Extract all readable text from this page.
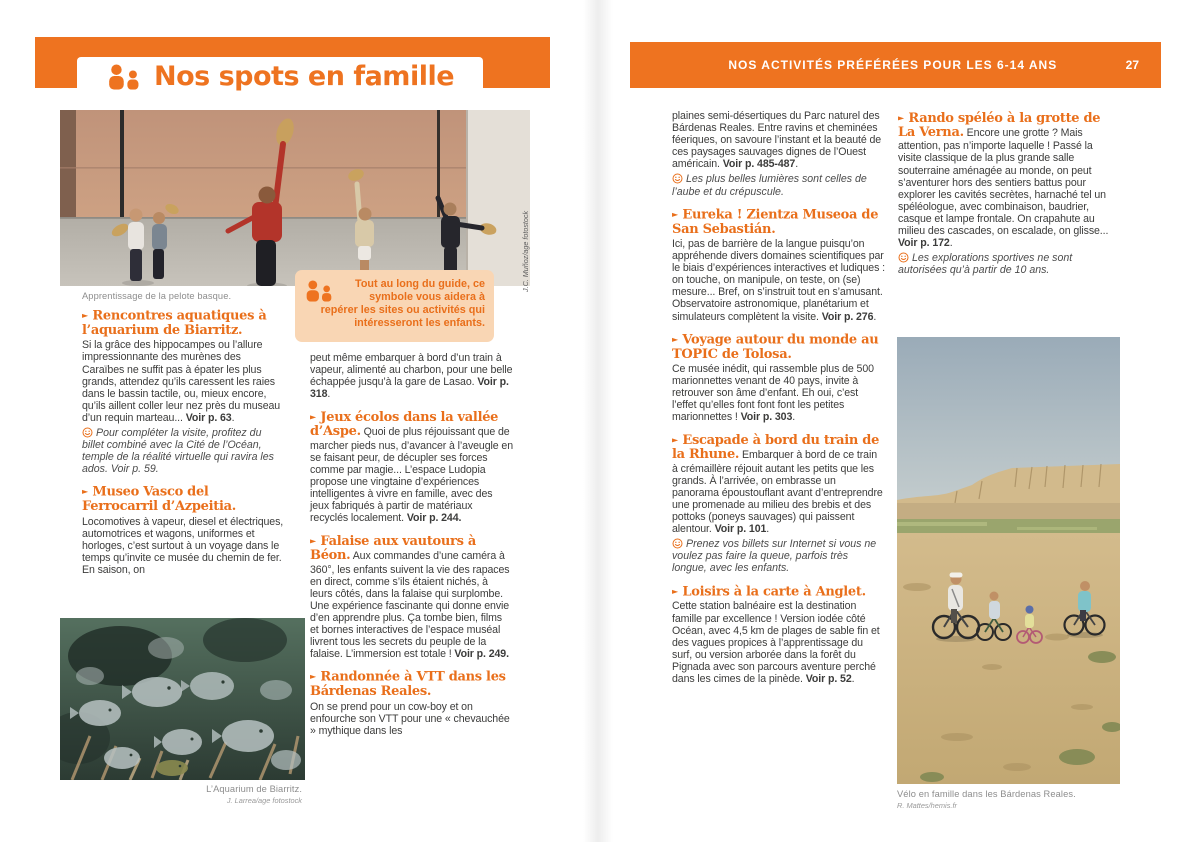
Nos spots en famille
Apprentissage de la pelote basque.
► Rencontres aquatiques à l’aquarium de Biarritz.

Si la grâce des hippocampes ou l’allure impressionnante des murènes des Caraïbes ne suffit pas à épater les plus grands, attendez qu’ils caressent les raies dans le bassin tactile, ou, mieux encore, qu’ils aillent coller leur nez près du museau d’un requin marteau... Voir p. 63.

Pour compléter la visite, profitez du billet combiné avec la Cité de l’Océan, temple de la réalité virtuelle qui ravira les ados. Voir p. 59.

► Museo Vasco del Ferrocarril d’Azpeitia.

Locomotives à vapeur, diesel et électriques, automotrices et wagons, uniformes et horloges, c’est surtout à un voyage dans le temps qu’invite ce musée du chemin de fer. En saison, on

L’Aquarium de Biarritz.
J. Larrea/age fotostock
Tout au long du guide, ce symbole vous aidera à repérer les sites ou activités qui intéresseront les enfants.

peut même embarquer à bord d’un train à vapeur, alimenté au charbon, pour une belle échappée jusqu’à la gare de Lasao. Voir p. 318.

► Jeux écolos dans la vallée d’Aspe. Quoi de plus réjouissant que de marcher pieds nus, d’avancer à l’aveugle en se faisant peur, de décupler ses forces comme par magie... L’espace Ludopia propose une vingtaine d’expériences intelligentes à vivre en famille, avec des jeux fabriqués à partir de matériaux recyclés localement. Voir p. 244.

► Falaise aux vautours à Béon. Aux commandes d’une caméra à 360°, les enfants suivent la vie des rapaces en direct, comme s’ils étaient nichés, à leurs côtés, dans la falaise qui surplombe. Une expérience fascinante qui donne envie d’en apprendre plus. Ça tombe bien, films et bornes interactives de l’espace muséal livrent tous les secrets du peuple de la falaise. L’immersion est totale ! Voir p. 249.

► Randonnée à VTT dans les Bárdenas Reales.

On se prend pour un cow-boy et on enfourche son VTT pour une « chevauchée » mythique dans les

NOS ACTIVITÉS PRÉFÉRÉES POUR LES 6-14 ANS	27

plaines semi-désertiques du Parc naturel des Bárdenas Reales. Entre ravins et cheminées féeriques, on savoure l’instant et la beauté de ces paysages sauvages dignes de l’Ouest américain. Voir p. 485-487.

Les plus belles lumières sont celles de l’aube et du crépuscule.

► Eureka ! Zientza Museoa de San Sebastián.

Ici, pas de barrière de la langue puisqu’on appréhende divers domaines scientifiques par le biais d’expériences interactives et ludiques : on touche, on manipule, on teste, on (se) mesure... Bref, on s’instruit tout en s’amusant. Observatoire astronomique, planétarium et simulateurs complètent la visite. Voir p. 276.

► Voyage autour du monde au TOPIC de Tolosa.

Ce musée inédit, qui rassemble plus de 500 marionnettes venant de 40 pays, invite à retrouver son âme d’enfant. Eh oui, c’est l’effet qu’elles font font font les petites marionnettes ! Voir p. 303.

► Escapade à bord du train de la Rhune. Embarquer à bord de ce train à crémaillère réjouit autant les petits que les grands. À l’arrivée, on embrasse un panorama époustouflant avant d’entreprendre une promenade au milieu des brebis et des pottoks (poneys sauvages) qui paissent alentour. Voir p. 101.

Prenez vos billets sur Internet si vous ne voulez pas faire la queue, parfois très longue, avec les enfants.

► Loisirs à la carte à Anglet.

Cette station balnéaire est la destination famille par excellence ! Version iodée côté Océan, avec 4,5 km de plages de sable fin et des vagues propices à l’apprentissage du surf, ou version arborée dans la forêt du Pignada avec son parcours aventure perché dans les cimes de la pinède. Voir p. 52.

► Rando spéléo à la grotte de La Verna. Encore une grotte ? Mais attention, pas n’importe laquelle ! Passé la visite classique de la plus grande salle souterraine aménagée au monde, on peut s’aventurer hors des sentiers battus pour explorer les cavités secrètes, harnaché tel un spéléologue, avec combinaison, baudrier, casque et lampe frontale. On crapahute au milieu des cascades, on escalade, on glisse... Voir p. 172.

Les explorations sportives ne sont autorisées qu’à partir de 10 ans.

Vélo en famille dans les Bárdenas Reales.
R. Mattes/hemis.fr
